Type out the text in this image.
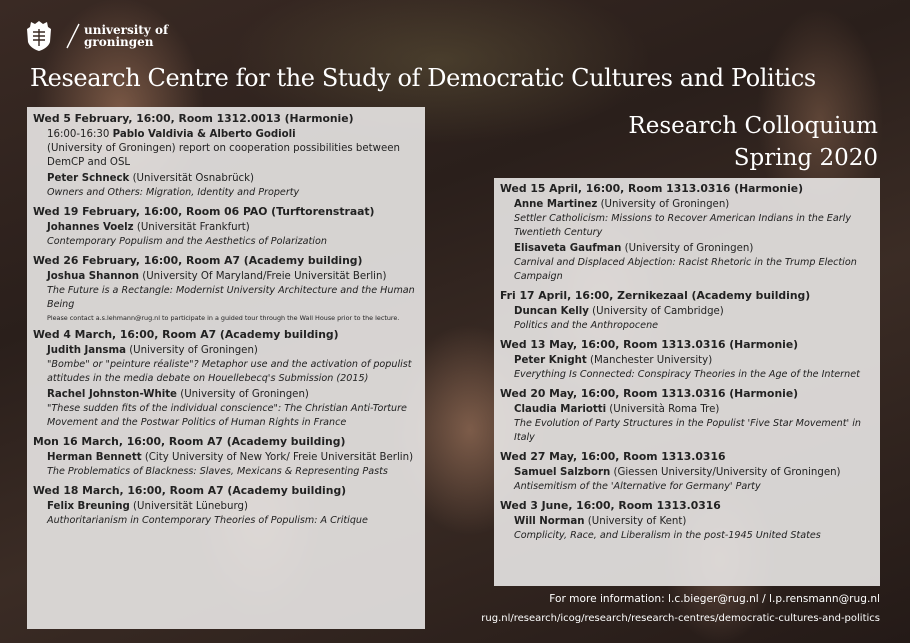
university of
groningen
Research Centre for the Study of Democratic Cultures and Politics
Research Colloquium
Spring 2020
Wed 5 February, 16:00, Room 1312.0013 (Harmonie)
16:00-16:30 Pablo Valdivia & Alberto Godioli
(University of Groningen) report on cooperation possibilities between DemCP and OSL
Peter Schneck (Universität Osnabrück)
Owners and Others: Migration, Identity and Property
Wed 19 February, 16:00, Room 06 PAO (Turftorenstraat)
Johannes Voelz (Universität Frankfurt)
Contemporary Populism and the Aesthetics of Polarization
Wed 26 February, 16:00, Room A7 (Academy building)
Joshua Shannon (University Of Maryland/Freie Universität Berlin)
The Future is a Rectangle: Modernist University Architecture and the Human Being
Please contact a.s.lehmann@rug.nl to participate in a guided tour through the Wall House prior to the lecture.
Wed 4 March, 16:00, Room A7 (Academy building)
Judith Jansma (University of Groningen)
"Bombe" or "peinture réaliste"? Metaphor use and the activation of populist attitudes in the media debate on Houellebecq's Submission (2015)
Rachel Johnston-White (University of Groningen)
"These sudden fits of the individual conscience": The Christian Anti-Torture Movement and the Postwar Politics of Human Rights in France
Mon 16 March, 16:00, Room A7 (Academy building)
Herman Bennett (City University of New York/ Freie Universität Berlin)
The Problematics of Blackness: Slaves, Mexicans & Representing Pasts
Wed 18 March, 16:00, Room A7 (Academy building)
Felix Breuning (Universität Lüneburg)
Authoritarianism in Contemporary Theories of Populism: A Critique
Wed 15 April, 16:00, Room 1313.0316 (Harmonie)
Anne Martinez (University of Groningen)
Settler Catholicism: Missions to Recover American Indians in the Early Twentieth Century
Elisaveta Gaufman (University of Groningen)
Carnival and Displaced Abjection: Racist Rhetoric in the Trump Election Campaign
Fri 17 April, 16:00, Zernikezaal (Academy building)
Duncan Kelly (University of Cambridge)
Politics and the Anthropocene
Wed 13 May, 16:00, Room 1313.0316 (Harmonie)
Peter Knight (Manchester University)
Everything Is Connected: Conspiracy Theories in the Age of the Internet
Wed 20 May, 16:00, Room 1313.0316 (Harmonie)
Claudia Mariotti (Università Roma Tre)
The Evolution of Party Structures in the Populist 'Five Star Movement' in Italy
Wed 27 May, 16:00, Room 1313.0316
Samuel Salzborn (Giessen University/University of Groningen)
Antisemitism of the 'Alternative for Germany' Party
Wed 3 June, 16:00, Room 1313.0316
Will Norman (University of Kent)
Complicity, Race, and Liberalism in the post-1945 United States
For more information: l.c.bieger@rug.nl / l.p.rensmann@rug.nl
rug.nl/research/icog/research/research-centres/democratic-cultures-and-politics
